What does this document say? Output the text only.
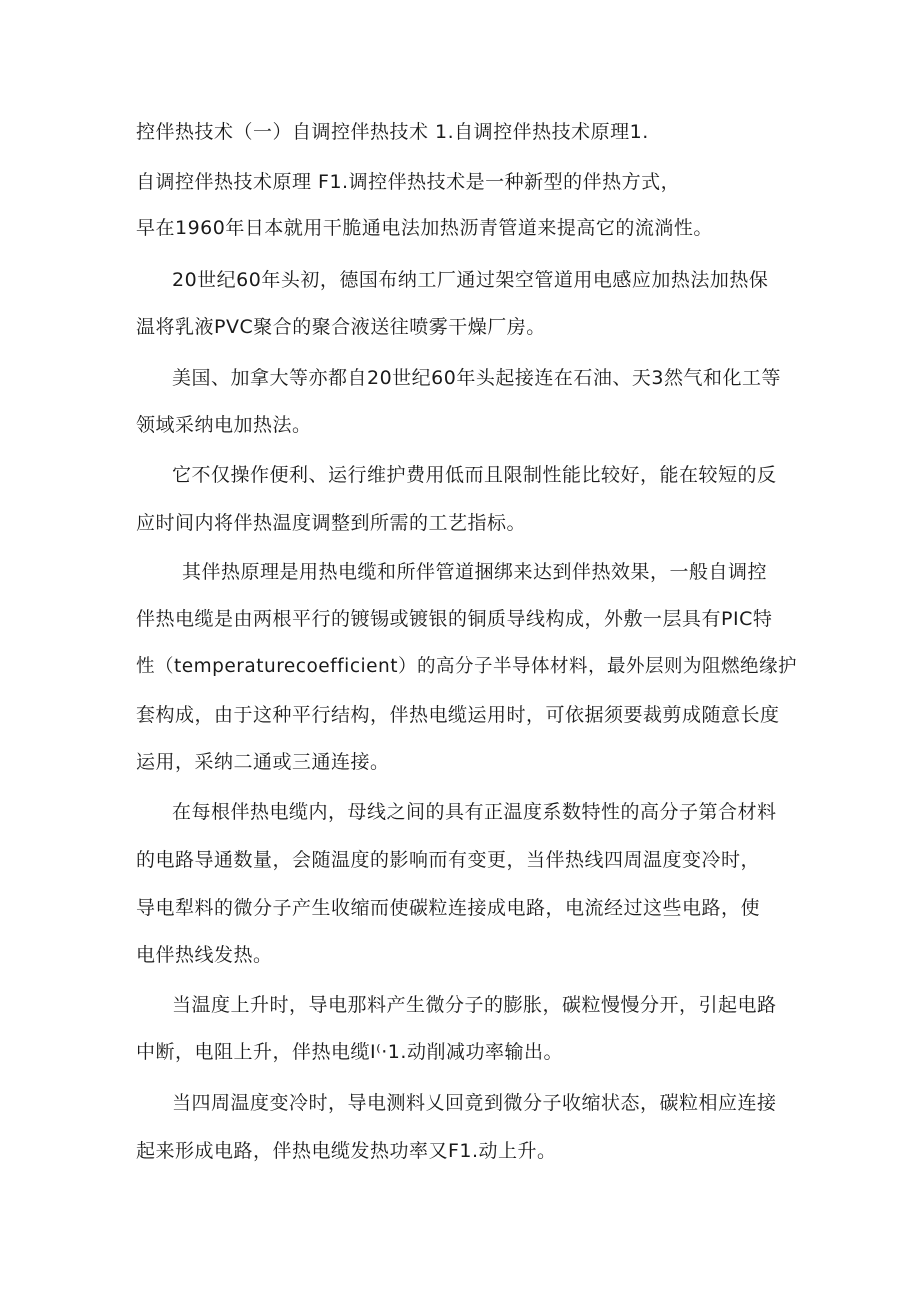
控伴热技术（一）自调控伴热技术 1.自调控伴热技术原理1.
自调控伴热技术原理 F1.调控伴热技术是一种新型的伴热方式，
早在1960年日本就用干脆通电法加热沥青管道来提高它的流淌性。
20世纪60年头初，德国布纳工厂通过架空管道用电感应加热法加热保
温将乳液PVC聚合的聚合液送往喷雾干燥厂房。
美国、加拿大等亦都自20世纪60年头起接连在石油、天3然气和化工等
领域采纳电加热法。
它不仅操作便利、运行维护费用低而且限制性能比较好，能在较短的反
应时间内将伴热温度调整到所需的工艺指标。
其伴热原理是用热电缆和所伴管道捆绑来达到伴热效果，一般自调控
伴热电缆是由两根平行的镀锡或镀银的铜质导线构成，外敷一层具有PIC特
性（temperaturecoefficient）的高分子半导体材料，最外层则为阻燃绝缘护
套构成，由于这种平行结构，伴热电缆运用时，可依据须要裁剪成随意长度
运用，采纳二通或三通连接。
在每根伴热电缆内，母线之间的具有正温度系数特性的高分子第合材料
的电路导通数量，会随温度的影响而有变更，当伴热线四周温度变冷时，
导电犁料的微分子产生收缩而使碳粒连接成电路，电流经过这些电路，使
电伴热线发热。
当温度上升时，导电那料产生微分子的膨胀，碳粒慢慢分开，引起电路
中断，电阻上升，伴热电缆I⁽·1.动削减功率输出。
当四周温度变冷时，导电测料乂回竟到微分子收缩状态，碳粒相应连接
起来形成电路，伴热电缆发热功率又F1.动上升。
